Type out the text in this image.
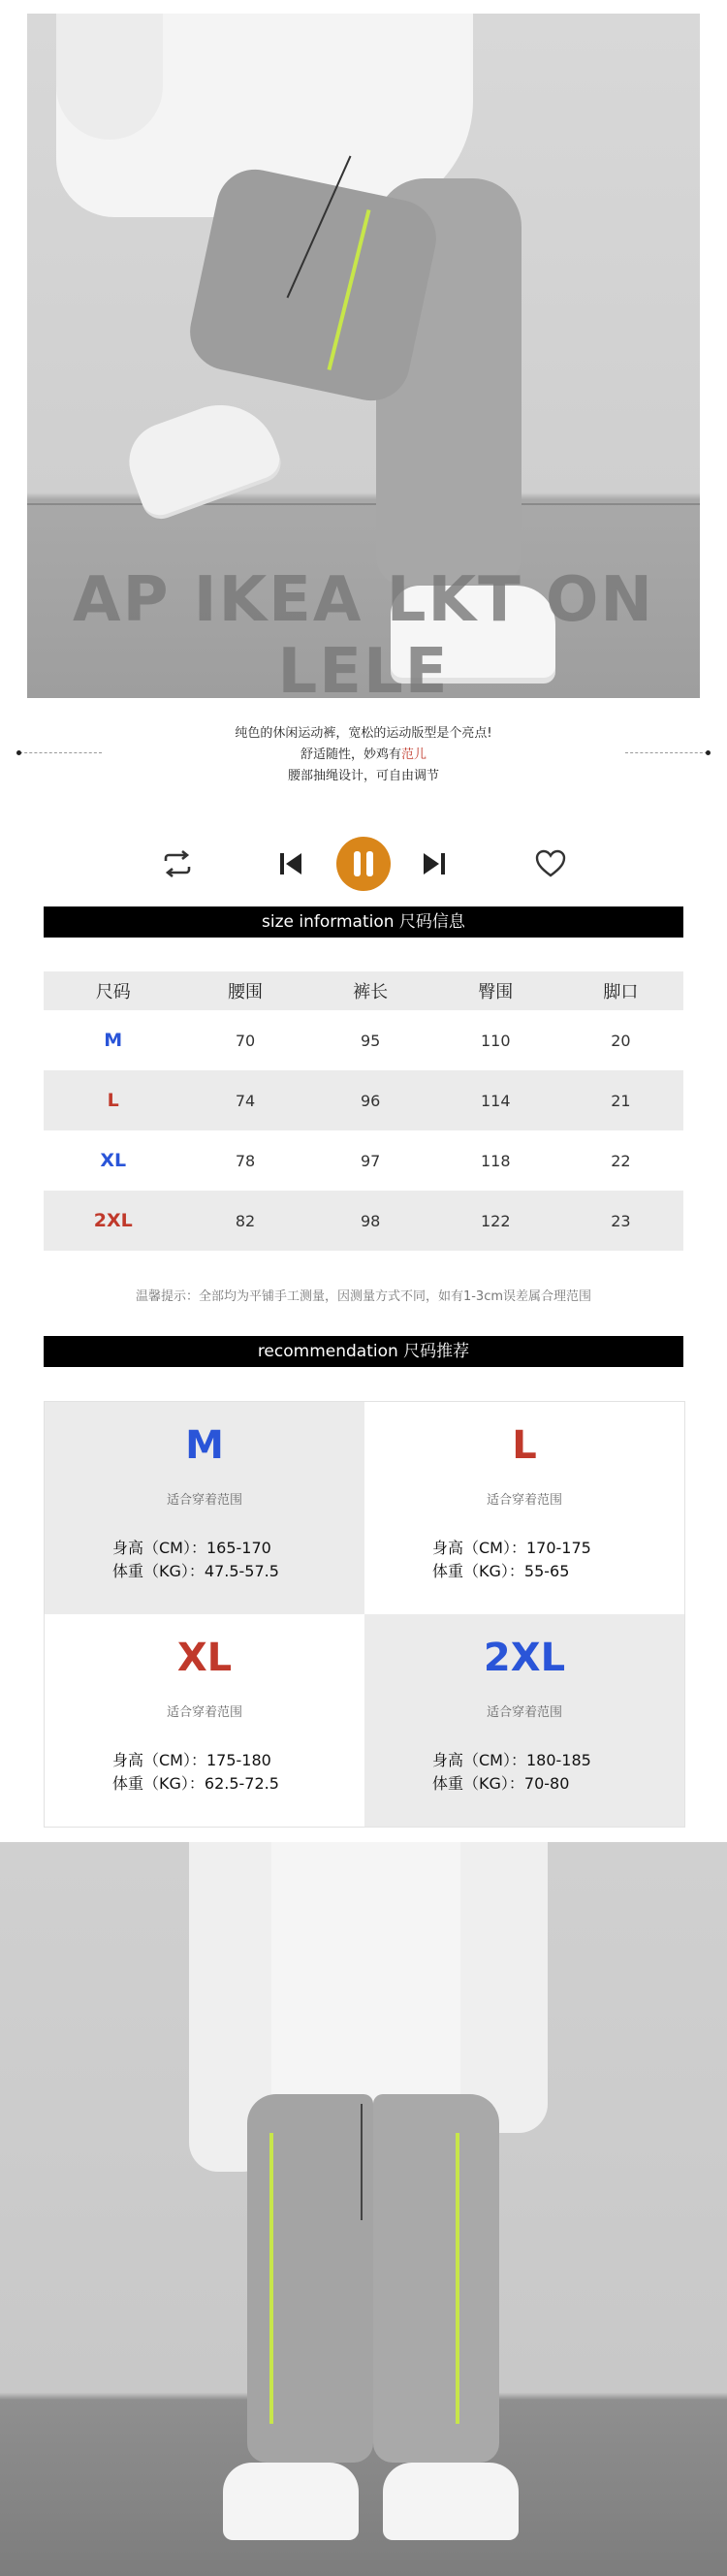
AP IKEA LKT ON LELE
纯色的休闲运动裤，宽松的运动版型是个亮点!
舒适随性，妙鸡有范儿
腰部抽绳设计，可自由调节
size information 尺码信息
尺码	腰围	裤长	臀围	脚口
M	70	95	110	20
L	74	96	114	21
XL	78	97	118	22
2XL	82	98	122	23
温馨提示：全部均为平铺手工测量，因测量方式不同，如有1-3cm误差属合理范围
recommendation 尺码推荐
M
适合穿着范围
身高（CM）：165-170
体重（KG）：47.5-57.5
L
适合穿着范围
身高（CM）：170-175
体重（KG）：55-65
XL
适合穿着范围
身高（CM）：175-180
体重（KG）：62.5-72.5
2XL
适合穿着范围
身高（CM）：180-185
体重（KG）：70-80
